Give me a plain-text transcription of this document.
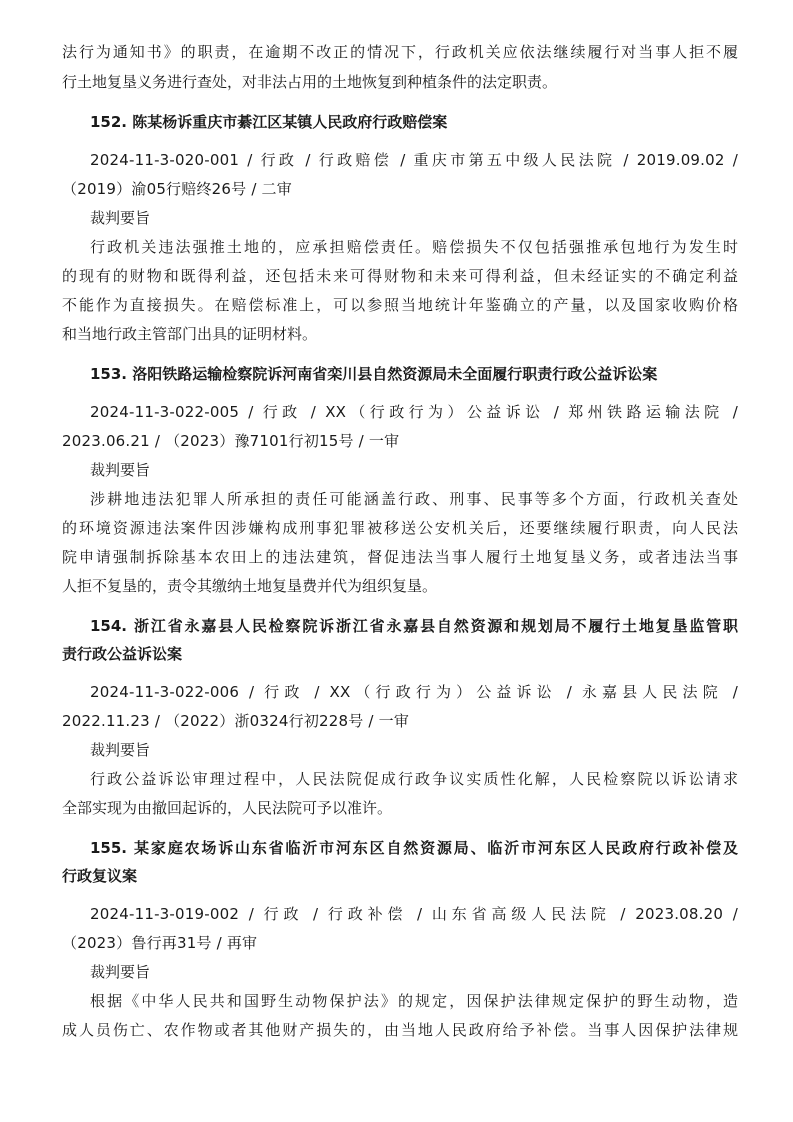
法行为通知书》的职责，在逾期不改正的情况下，行政机关应依法继续履行对当事人拒不履
行土地复垦义务进行查处，对非法占用的土地恢复到种植条件的法定职责。
152. 陈某杨诉重庆市綦江区某镇人民政府行政赔偿案
2024-11-3-020-001 / 行政 / 行政赔偿 / 重庆市第五中级人民法院 / 2019.09.02 /
（2019）渝05行赔终26号 / 二审
裁判要旨
行政机关违法强推土地的，应承担赔偿责任。赔偿损失不仅包括强推承包地行为发生时
的现有的财物和既得利益，还包括未来可得财物和未来可得利益，但未经证实的不确定利益
不能作为直接损失。在赔偿标准上，可以参照当地统计年鉴确立的产量，以及国家收购价格
和当地行政主管部门出具的证明材料。
153. 洛阳铁路运输检察院诉河南省栾川县自然资源局未全面履行职责行政公益诉讼案
2024-11-3-022-005 / 行政 / XX（行政行为）公益诉讼 / 郑州铁路运输法院 /
2023.06.21 / （2023）豫7101行初15号 / 一审
裁判要旨
涉耕地违法犯罪人所承担的责任可能涵盖行政、刑事、民事等多个方面，行政机关查处
的环境资源违法案件因涉嫌构成刑事犯罪被移送公安机关后，还要继续履行职责，向人民法
院申请强制拆除基本农田上的违法建筑，督促违法当事人履行土地复垦义务，或者违法当事
人拒不复垦的，责令其缴纳土地复垦费并代为组织复垦。
154. 浙江省永嘉县人民检察院诉浙江省永嘉县自然资源和规划局不履行土地复垦监管职
责行政公益诉讼案
2024-11-3-022-006 / 行政 / XX（行政行为）公益诉讼 / 永嘉县人民法院 /
2022.11.23 / （2022）浙0324行初228号 / 一审
裁判要旨
行政公益诉讼审理过程中，人民法院促成行政争议实质性化解，人民检察院以诉讼请求
全部实现为由撤回起诉的，人民法院可予以准许。
155. 某家庭农场诉山东省临沂市河东区自然资源局、临沂市河东区人民政府行政补偿及
行政复议案
2024-11-3-019-002 / 行政 / 行政补偿 / 山东省高级人民法院 / 2023.08.20 /
（2023）鲁行再31号 / 再审
裁判要旨
根据《中华人民共和国野生动物保护法》的规定，因保护法律规定保护的野生动物，造
成人员伤亡、农作物或者其他财产损失的，由当地人民政府给予补偿。当事人因保护法律规
